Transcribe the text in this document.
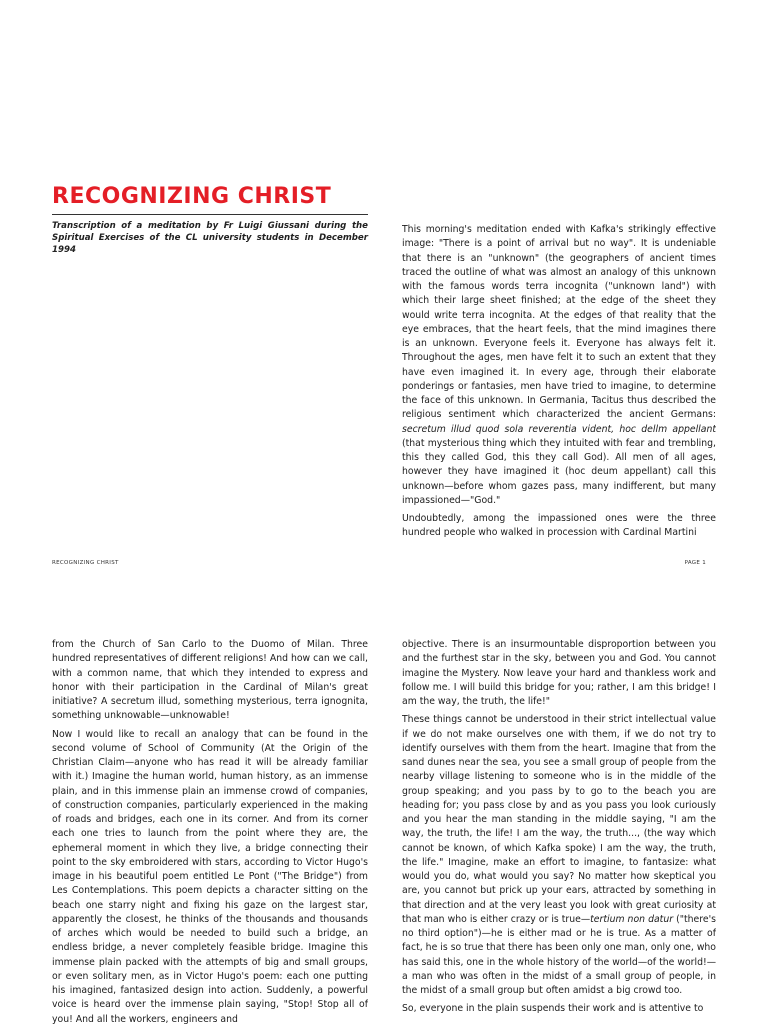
RECOGNIZING CHRIST
Transcription of a meditation by Fr Luigi Giussani during the Spiritual Exercises of the CL university students in December 1994

This morning's meditation ended with Kafka's strikingly effective image: "There is a point of arrival but no way". It is undeniable that there is an "unknown" (the geographers of ancient times traced the outline of what was almost an analogy of this unknown with the famous words terra incognita ("unknown land") with which their large sheet finished; at the edge of the sheet they would write terra incognita. At the edges of that reality that the eye embraces, that the heart feels, that the mind imagines there is an unknown. Everyone feels it. Everyone has always felt it. Throughout the ages, men have felt it to such an extent that they have even imagined it. In every age, through their elaborate ponderings or fantasies, men have tried to imagine, to determine the face of this unknown. In Germania, Tacitus thus described the religious sentiment which characterized the ancient Germans: secretum illud quod sola reverentia vident, hoc dellm appellant (that mysterious thing which they intuited with fear and trembling, this they called God, this they call God). All men of all ages, however they have imagined it (hoc deum appellant) call this unknown—before whom gazes pass, many indifferent, but many impassioned—"God."

Undoubtedly, among the impassioned ones were the three hundred people who walked in procession with Cardinal Martini

RECOGNIZING CHRIST	PAGE 1

from the Church of San Carlo to the Duomo of Milan. Three hundred representatives of different religions! And how can we call, with a common name, that which they intended to express and honor with their participation in the Cardinal of Milan's great initiative? A secretum illud, something mysterious, terra ignognita, something unknowable—unknowable!

Now I would like to recall an analogy that can be found in the second volume of School of Community (At the Origin of the Christian Claim—anyone who has read it will be already familiar with it.) Imagine the human world, human history, as an immense plain, and in this immense plain an immense crowd of companies, of construction companies, particularly experienced in the making of roads and bridges, each one in its corner. And from its corner each one tries to launch from the point where they are, the ephemeral moment in which they live, a bridge connecting their point to the sky embroidered with stars, according to Victor Hugo's image in his beautiful poem entitled Le Pont ("The Bridge") from Les Contemplations. This poem depicts a character sitting on the beach one starry night and fixing his gaze on the largest star, apparently the closest, he thinks of the thousands and thousands of arches which would be needed to build such a bridge, an endless bridge, a never completely feasible bridge. Imagine this immense plain packed with the attempts of big and small groups, or even solitary men, as in Victor Hugo's poem: each one putting his imagined, fantasized design into action. Suddenly, a powerful voice is heard over the immense plain saying, "Stop! Stop all of you! And all the workers, engineers and

objective. There is an insurmountable disproportion between you and the furthest star in the sky, between you and God. You cannot imagine the Mystery. Now leave your hard and thankless work and follow me. I will build this bridge for you; rather, I am this bridge! I am the way, the truth, the life!"

These things cannot be understood in their strict intellectual value if we do not make ourselves one with them, if we do not try to identify ourselves with them from the heart. Imagine that from the sand dunes near the sea, you see a small group of people from the nearby village listening to someone who is in the middle of the group speaking; and you pass by to go to the beach you are heading for; you pass close by and as you pass you look curiously and you hear the man standing in the middle saying, "I am the way, the truth, the life! I am the way, the truth..., (the way which cannot be known, of which Kafka spoke) I am the way, the truth, the life." Imagine, make an effort to imagine, to fantasize: what would you do, what would you say? No matter how skeptical you are, you cannot but prick up your ears, attracted by something in that direction and at the very least you look with great curiosity at that man who is either crazy or is true—tertium non datur ("there's no third option")—he is either mad or he is true. As a matter of fact, he is so true that there has been only one man, only one, who has said this, one in the whole history of the world—of the world!—a man who was often in the midst of a small group of people, in the midst of a small group but often amidst a big crowd too.

So, everyone in the plain suspends their work and is attentive to
